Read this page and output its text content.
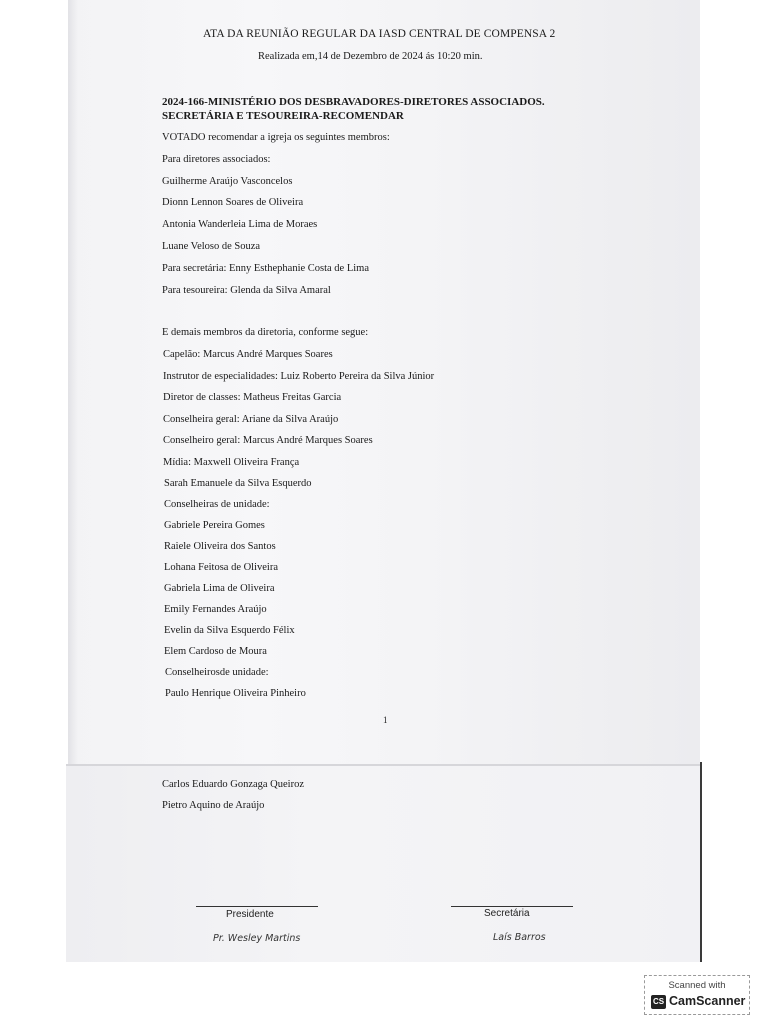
ATA DA REUNIÃO REGULAR DA IASD CENTRAL DE COMPENSA 2
Realizada em,14 de Dezembro de 2024 ás 10:20 min.
2024-166-MINISTÉRIO DOS DESBRAVADORES-DIRETORES ASSOCIADOS.
SECRETÁRIA E TESOUREIRA-RECOMENDAR
VOTADO recomendar a igreja os seguintes membros:
Para diretores associados:
Guilherme Araújo Vasconcelos
Dionn Lennon Soares de Oliveira
Antonia Wanderleia Lima de Moraes
Luane Veloso de Souza
Para secretária: Enny Esthephanie Costa de Lima
Para tesoureira: Glenda da Silva Amaral
E demais membros da diretoria, conforme segue:
Capelão: Marcus André Marques Soares
Instrutor de especialidades: Luiz Roberto Pereira da Silva Júnior
Diretor de classes: Matheus Freitas Garcia
Conselheira geral: Ariane da Silva Araújo
Conselheiro geral: Marcus André Marques Soares
Mídia: Maxwell Oliveira França
Sarah Emanuele da Silva Esquerdo
Conselheiras de unidade:
Gabriele Pereira Gomes
Raiele Oliveira dos Santos
Lohana Feitosa de Oliveira
Gabriela Lima de Oliveira
Emily Fernandes Araújo
Evelin da Silva Esquerdo Félix
Elem Cardoso de Moura
Conselheirosde unidade:
Paulo Henrique Oliveira Pinheiro
1
Carlos Eduardo Gonzaga Queiroz
Pietro Aquino de Araújo
Presidente
Pr. Wesley Martins
Secretária
Laís Barros
Scanned with
CS CamScanner
